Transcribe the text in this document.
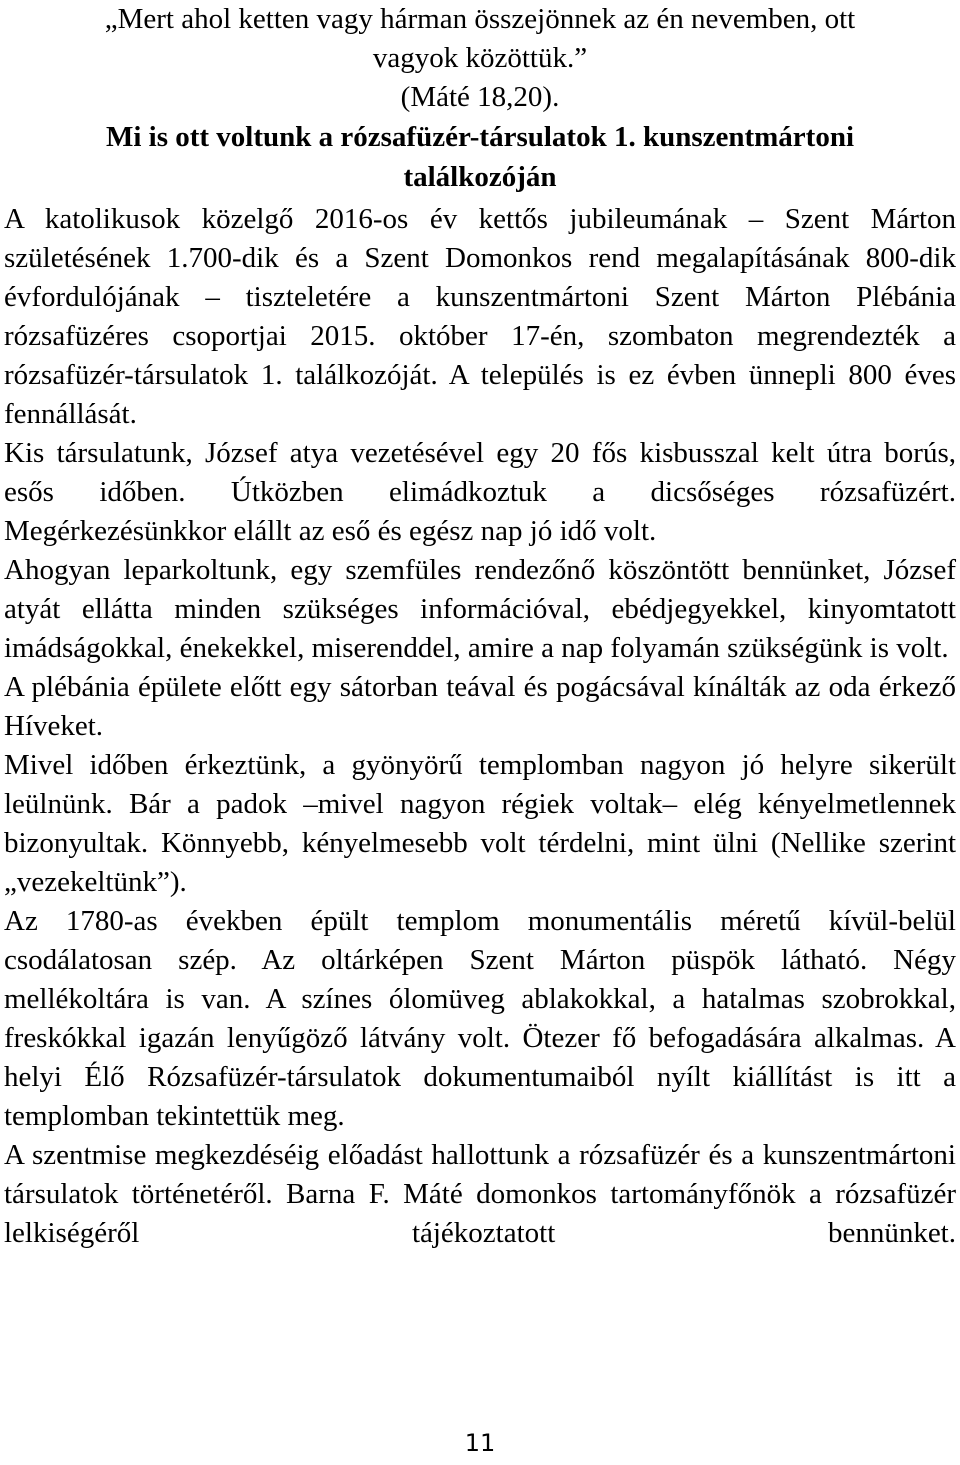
„Mert ahol ketten vagy hárman összejönnek az én nevemben, ott
vagyok közöttük.”
(Máté 18,20).
Mi is ott voltunk a rózsafüzér-társulatok 1. kunszentmártoni
találkozóján

A katolikusok közelgő 2016-os év kettős jubileumának – Szent Márton születésének 1.700-dik és a Szent Domonkos rend megalapításának 800-dik évfordulójának – tiszteletére a kunszentmártoni Szent Márton Plébánia rózsafüzéres csoportjai 2015. október 17-én, szombaton megrendezték a rózsafüzér-társulatok 1. találkozóját. A település is ez évben ünnepli 800 éves fennállását.

Kis társulatunk, József atya vezetésével egy 20 fős kisbusszal kelt útra borús, esős időben. Útközben elimádkoztuk a dicsőséges rózsafüzért. Megérkezésünkkor elállt az eső és egész nap jó idő volt.

Ahogyan leparkoltunk, egy szemfüles rendezőnő köszöntött bennünket, József atyát ellátta minden szükséges információval, ebédjegyekkel, kinyomtatott imádságokkal, énekekkel, miserenddel, amire a nap folyamán szükségünk is volt.

A plébánia épülete előtt egy sátorban teával és pogácsával kínálták az oda érkező Híveket.

Mivel időben érkeztünk, a gyönyörű templomban nagyon jó helyre sikerült leülnünk. Bár a padok –mivel nagyon régiek voltak– elég kényelmetlennek bizonyultak. Könnyebb, kényelmesebb volt térdelni, mint ülni (Nellike szerint „vezekeltünk”).

Az 1780-as években épült templom monumentális méretű kívül-belül csodálatosan szép. Az oltárképen Szent Márton püspök látható. Négy mellékoltára is van. A színes ólomüveg ablakokkal, a hatalmas szobrokkal, freskókkal igazán lenyűgöző látvány volt. Ötezer fő befogadására alkalmas. A helyi Élő Rózsafüzér-társulatok dokumentumaiból nyílt kiállítást is itt a templomban tekintettük meg.

A szentmise megkezdéséig előadást hallottunk a rózsafüzér és a kunszentmártoni társulatok történetéről. Barna F. Máté domonkos tartományfőnök a rózsafüzér lelkiségéről tájékoztatott bennünket.

11
